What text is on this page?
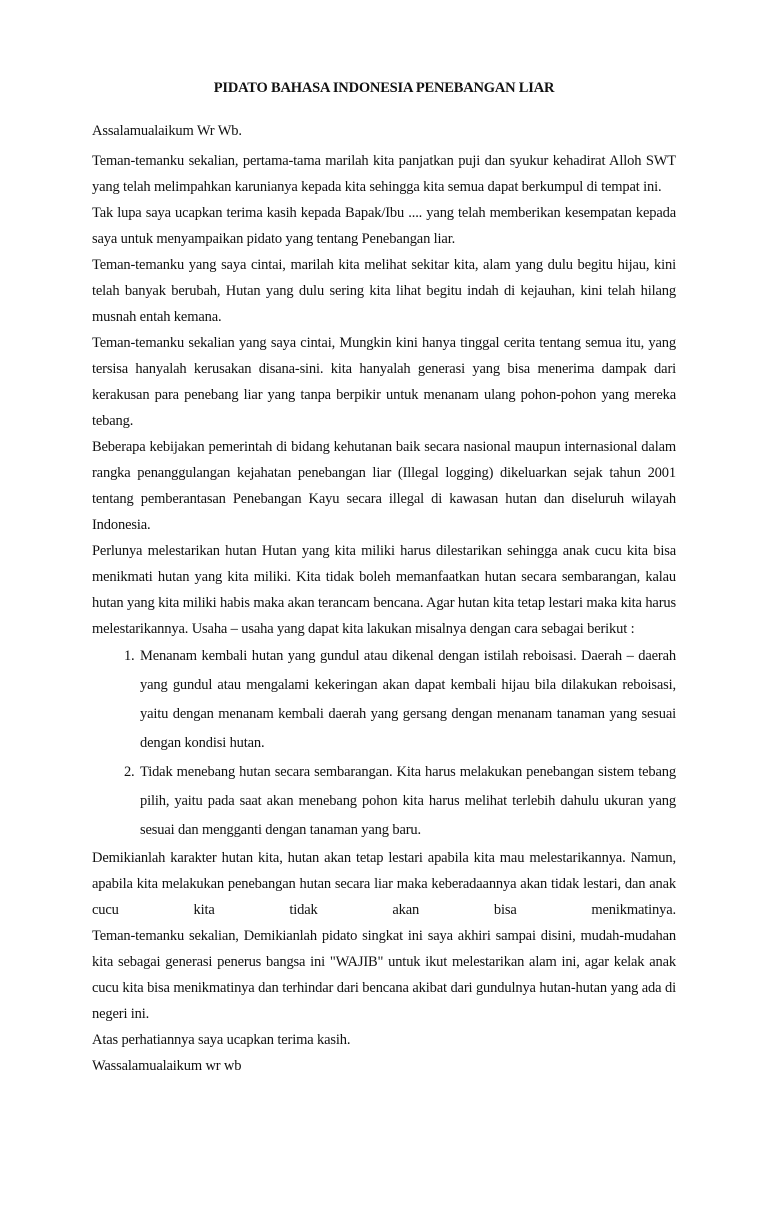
PIDATO BAHASA INDONESIA PENEBANGAN LIAR

Assalamualaikum Wr Wb.

Teman-temanku sekalian, pertama-tama marilah kita panjatkan puji dan syukur kehadirat Alloh SWT yang telah melimpahkan karunianya kepada kita sehingga kita semua dapat berkumpul di tempat ini.

Tak lupa saya ucapkan terima kasih kepada Bapak/Ibu .... yang telah memberikan kesempatan kepada saya untuk menyampaikan pidato yang tentang Penebangan liar.

Teman-temanku yang saya cintai, marilah kita melihat sekitar kita, alam yang dulu begitu hijau, kini telah banyak berubah, Hutan yang dulu sering kita lihat begitu indah di kejauhan, kini telah hilang musnah entah kemana.

Teman-temanku sekalian yang saya cintai, Mungkin kini hanya tinggal cerita tentang semua itu, yang tersisa hanyalah kerusakan disana-sini. kita hanyalah generasi yang bisa menerima dampak dari kerakusan para penebang liar yang tanpa berpikir untuk menanam ulang pohon-pohon yang mereka tebang.

Beberapa kebijakan pemerintah di bidang kehutanan baik secara nasional maupun internasional dalam rangka penanggulangan kejahatan penebangan liar (Illegal logging) dikeluarkan sejak tahun 2001 tentang pemberantasan Penebangan Kayu secara illegal di kawasan hutan dan diseluruh wilayah Indonesia.

Perlunya melestarikan hutan Hutan yang kita miliki harus dilestarikan sehingga anak cucu kita bisa menikmati hutan yang kita miliki. Kita tidak boleh memanfaatkan hutan secara sembarangan, kalau hutan yang kita miliki habis maka akan terancam bencana. Agar hutan kita tetap lestari maka kita harus melestarikannya. Usaha – usaha yang dapat kita lakukan misalnya dengan cara sebagai berikut :

1. Menanam kembali hutan yang gundul atau dikenal dengan istilah reboisasi. Daerah – daerah yang gundul atau mengalami kekeringan akan dapat kembali hijau bila dilakukan reboisasi, yaitu dengan menanam kembali daerah yang gersang dengan menanam tanaman yang sesuai dengan kondisi hutan.
2. Tidak menebang hutan secara sembarangan. Kita harus melakukan penebangan sistem tebang pilih, yaitu pada saat akan menebang pohon kita harus melihat terlebih dahulu ukuran yang sesuai dan mengganti dengan tanaman yang baru.

Demikianlah karakter hutan kita, hutan akan tetap lestari apabila kita mau melestarikannya. Namun, apabila kita melakukan penebangan hutan secara liar maka keberadaannya akan tidak lestari, dan anak cucu kita tidak akan bisa menikmatinya.

Teman-temanku sekalian, Demikianlah pidato singkat ini saya akhiri sampai disini, mudah-mudahan kita sebagai generasi penerus bangsa ini "WAJIB" untuk ikut melestarikan alam ini, agar kelak anak cucu kita bisa menikmatinya dan terhindar dari bencana akibat dari gundulnya hutan-hutan yang ada di negeri ini.

Atas perhatiannya saya ucapkan terima kasih.

Wassalamualaikum wr wb
